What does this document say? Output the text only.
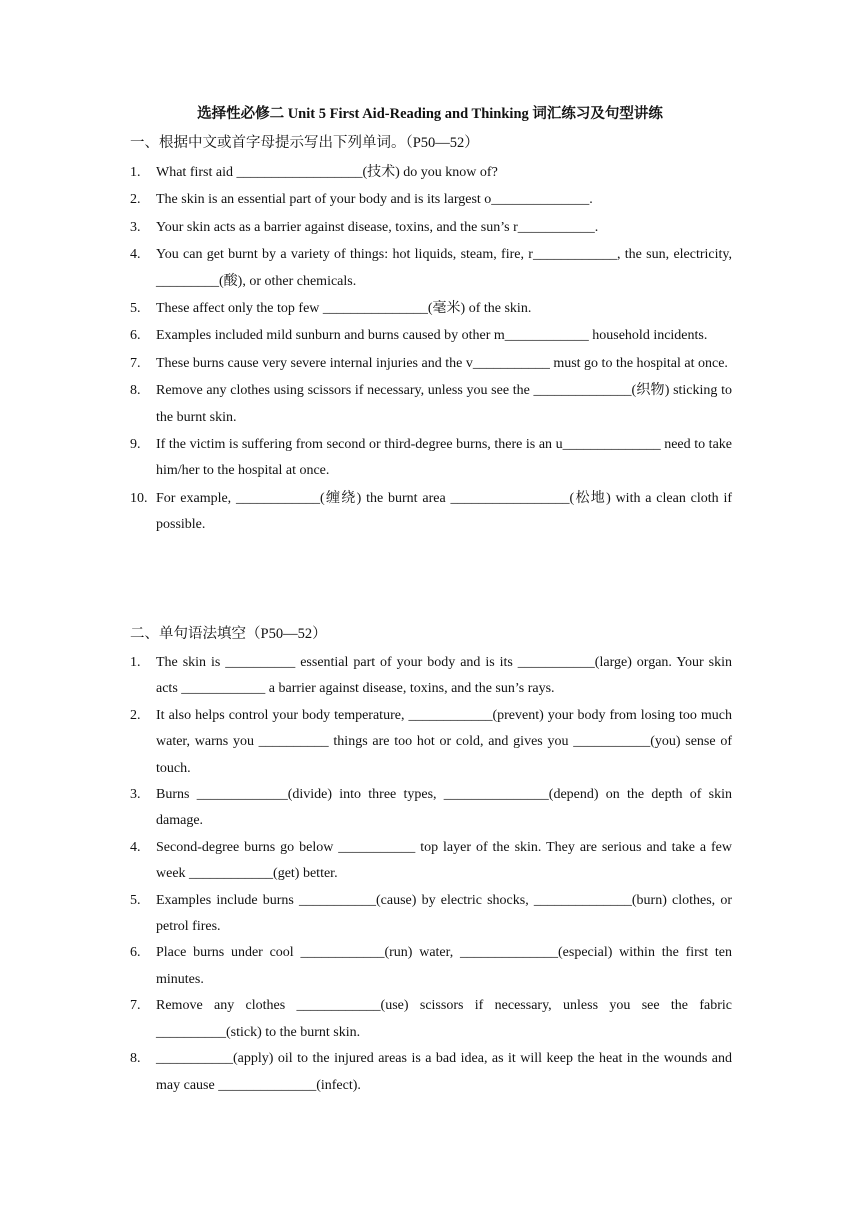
选择性必修二 Unit 5 First Aid-Reading and Thinking 词汇练习及句型讲练
一、根据中文或首字母提示写出下列单词。（P50—52）
1. What first aid __________________(技术) do you know of?
2. The skin is an essential part of your body and is its largest o______________.
3. Your skin acts as a barrier against disease, toxins, and the sun’s r___________.
4. You can get burnt by a variety of things: hot liquids, steam, fire, r____________, the sun, electricity, _________(酸), or other chemicals.
5. These affect only the top few _______________(毫米) of the skin.
6. Examples included mild sunburn and burns caused by other m____________ household incidents.
7. These burns cause very severe internal injuries and the v___________ must go to the hospital at once.
8. Remove any clothes using scissors if necessary, unless you see the ______________(织物) sticking to the burnt skin.
9. If the victim is suffering from second or third-degree burns, there is an u______________ need to take him/her to the hospital at once.
10. For example, ____________(缠绕) the burnt area _________________(松地) with a clean cloth if possible.
二、单句语法填空（P50—52）
1. The skin is __________ essential part of your body and is its ___________(large) organ. Your skin acts ____________ a barrier against disease, toxins, and the sun’s rays.
2. It also helps control your body temperature, ____________(prevent) your body from losing too much water, warns you __________ things are too hot or cold, and gives you ___________(you) sense of touch.
3. Burns _____________(divide) into three types, _______________(depend) on the depth of skin damage.
4. Second-degree burns go below ___________ top layer of the skin. They are serious and take a few week ____________(get) better.
5. Examples include burns ___________(cause) by electric shocks, ______________(burn) clothes, or petrol fires.
6. Place burns under cool ____________(run) water, ______________(especial) within the first ten minutes.
7. Remove any clothes ____________(use) scissors if necessary, unless you see the fabric __________(stick) to the burnt skin.
8. ___________(apply) oil to the injured areas is a bad idea, as it will keep the heat in the wounds and may cause ______________(infect).
